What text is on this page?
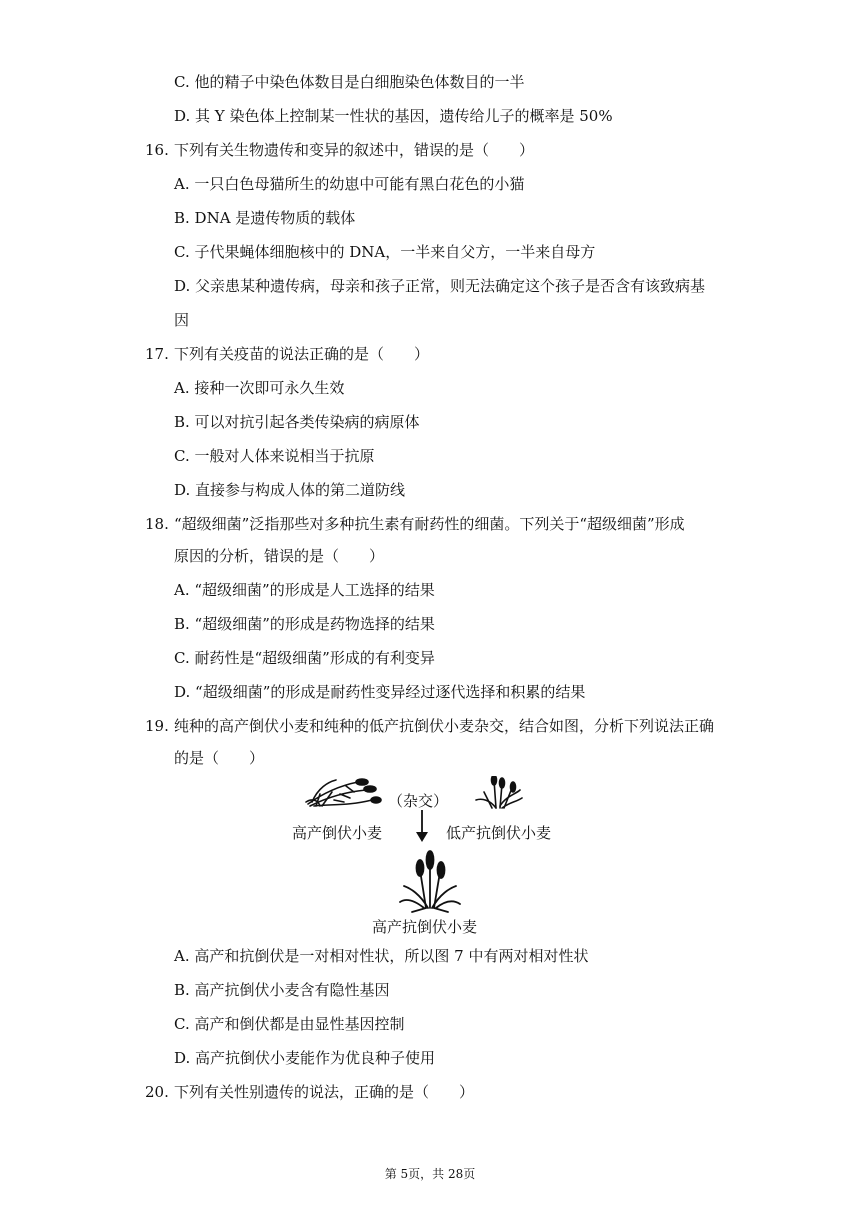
C. 他的精子中染色体数目是白细胞染色体数目的一半
D. 其 Y 染色体上控制某一性状的基因，遗传给儿子的概率是 50%
16. 下列有关生物遗传和变异的叙述中，错误的是（　　）
A. 一只白色母猫所生的幼崽中可能有黑白花色的小猫
B. DNA 是遗传物质的载体
C. 子代果蝇体细胞核中的 DNA，一半来自父方，一半来自母方
D. 父亲患某种遗传病，母亲和孩子正常，则无法确定这个孩子是否含有该致病基
因
17. 下列有关疫苗的说法正确的是（　　）
A. 接种一次即可永久生效
B. 可以对抗引起各类传染病的病原体
C. 一般对人体来说相当于抗原
D. 直接参与构成人体的第二道防线
18. “超级细菌”泛指那些对多种抗生素有耐药性的细菌。下列关于“超级细菌”形成
原因的分析，错误的是（　　）
A. “超级细菌”的形成是人工选择的结果
B. “超级细菌”的形成是药物选择的结果
C. 耐药性是“超级细菌”形成的有利变异
D. “超级细菌”的形成是耐药性变异经过逐代选择和积累的结果
19. 纯种的高产倒伏小麦和纯种的低产抗倒伏小麦杂交，结合如图，分析下列说法正确
的是（　　）
（杂交）
高产倒伏小麦	低产抗倒伏小麦
高产抗倒伏小麦
A. 高产和抗倒伏是一对相对性状，所以图 7 中有两对相对性状
B. 高产抗倒伏小麦含有隐性基因
C. 高产和倒伏都是由显性基因控制
D. 高产抗倒伏小麦能作为优良种子使用
20. 下列有关性别遗传的说法，正确的是（　　）
第 5页，共 28页
